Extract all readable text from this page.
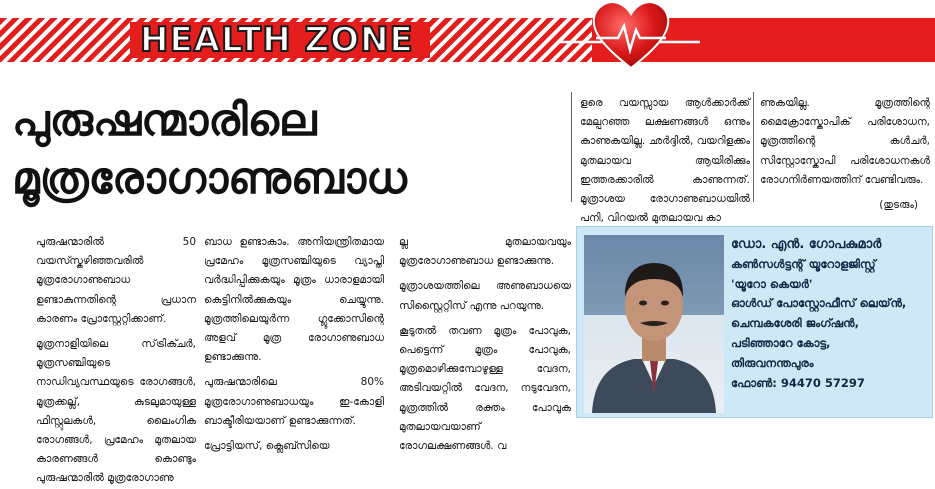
HEALTH ZONE
പുരുഷന്മാരിലെ
മൂത്രരോഗാണുബാധ

പുരുഷന്മാരിൽ 50 വയസ്സ്കഴിഞ്ഞവരിൽ മൂത്രരോഗാണുബാധ ഉണ്ടാകുന്നതിന്റെ പ്രധാന കാരണം പ്രോസ്റ്റേറ്റിക്കാണ്.

മൂത്രനാളിയിലെ സ്‌ട്രിക്ചർ, മൂത്രസഞ്ചിയുടെ നാഡിവ്യവസ്ഥയുടെ രോഗങ്ങൾ, മൂത്രക്കല്ല്, കുടലുമായുള്ള ഫിസ്റ്റുലകൾ, ലൈംഗിക രോഗങ്ങൾ, പ്രമേഹം മുതലായ കാരണങ്ങൾ കൊണ്ടും പുരുഷന്മാരിൽ മൂത്രരോഗാണു

ബാധ ഉണ്ടാകാം. അനിയന്ത്രിതമായ പ്രമേഹം മൂത്രസഞ്ചിയുടെ വ്യാപ്തി വർദ്ധിപ്പിക്കുകയും മൂത്രം ധാരാളമായി കെട്ടിനിൽക്കുകയും ചെയ്യുന്നു. മൂത്രത്തിലെയുർന്ന ഗ്ലൂക്കോസിന്റെ അളവ് മൂത്ര രോഗാണുബാധ ഉണ്ടാക്കുന്നു.

പുരുഷന്മാരിലെ 80% മൂത്രരോഗാണുബാധയും ഇ-കോളി ബാക്ടീരിയയാണ് ഉണ്ടാക്കുന്നത്.

പ്രോട്ടിയസ്, ക്ലെബ്സിയെ

ല്ല മുതലായവയും മൂത്രരോഗാണുബാധ ഉണ്ടാക്കുന്നു.

മൂത്രാശയത്തിലെ അണുബാധയെ സിസ്റ്റൈറ്റിസ് എന്നു പറയുന്നു.

കൂടുതൽ തവണ മൂത്രം പോവുക, പെട്ടെന്ന് മൂത്രം പോവുക, മൂത്രമൊഴിക്കുമ്പോഴുള്ള വേദന, അടിവയറ്റിൽ വേദന, നടുവേദന, മൂത്രത്തിൽ രക്തം പോവുക മുതലായവയാണ് രോഗലക്ഷണങ്ങൾ. വ

ളരെ വയസ്സായ ആൾക്കാർക്ക് മേല്പറഞ്ഞ ലക്ഷണങ്ങൾ ഒന്നും കാണുകയില്ല. ഛർദ്ദിൽ, വയറിളക്കം മുതലായവ ആയിരിക്കും ഇത്തരക്കാരിൽ കാണുന്നത്. മൂത്രാശയ രോഗാണുബാധയിൽ പനി, വിറയൽ മുതലായവ കാ

ണുകയില്ല. മൂത്രത്തിന്റെ മൈക്രോസ്കോപിക് പരിശോധന, മൂത്രത്തിന്റെ കൾചർ, സിസ്റ്റോസ്കോപി പരിശോധനകൾ രോഗനിർണയത്തിന് വേണ്ടിവരും.

(തുടരും)
ഡോ. എൻ. ഗോപകുമാർ
കൺസൾട്ടന്റ് യൂറോളജിസ്റ്റ്
'യൂറോ കെയർ'
ഓൾഡ് പോസ്റ്റോഫീസ് ലെയ്ൻ,
ചെമ്പകശേരി ജംഗ്ഷൻ,
പടിഞ്ഞാറേ കോട്ട,
തിരുവനന്തപുരം
ഫോൺ: 94470 57297
